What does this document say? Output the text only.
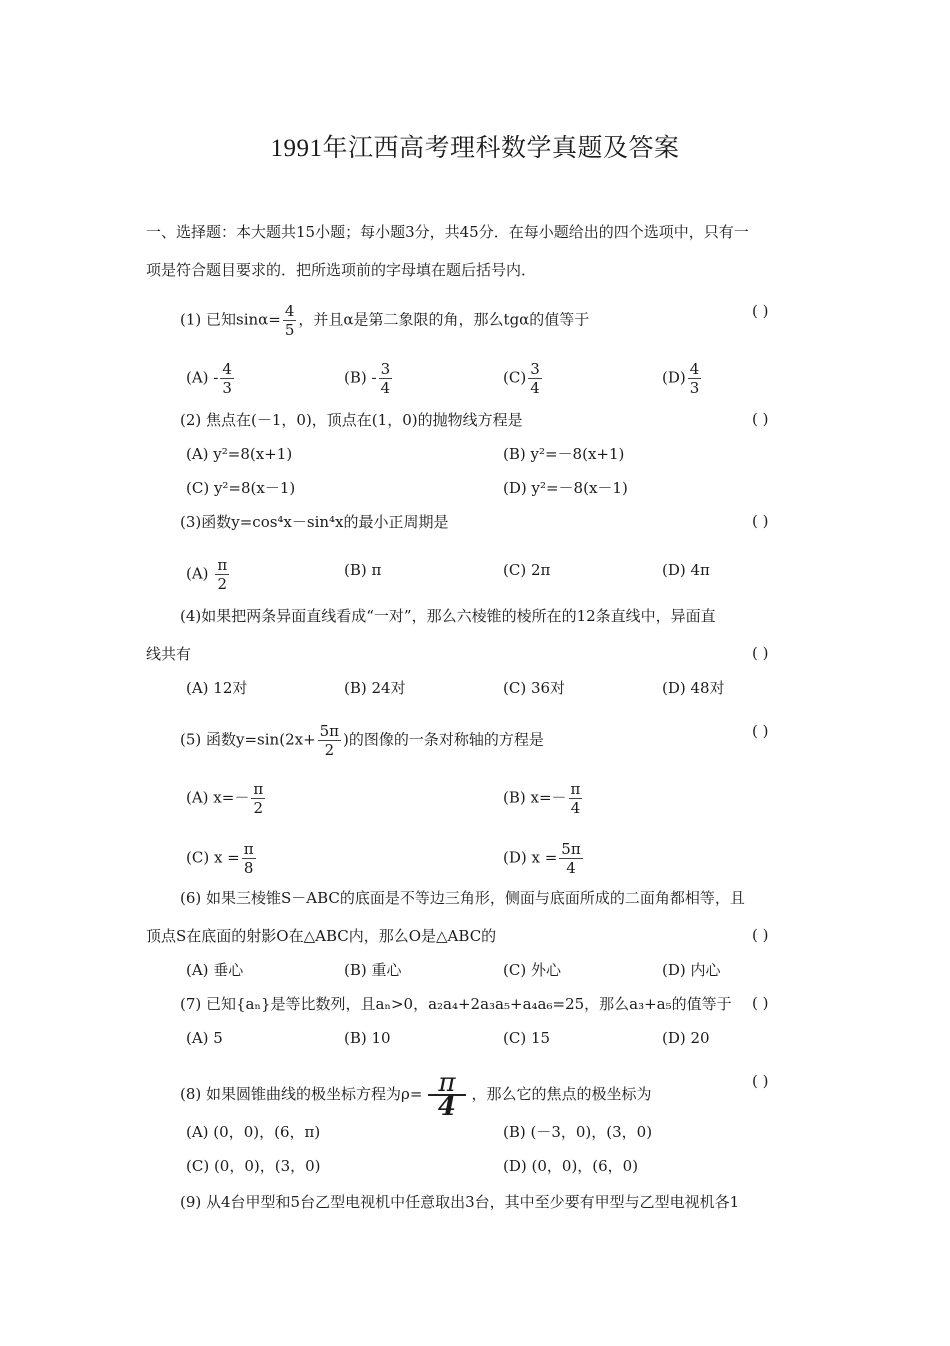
1991年江西高考理科数学真题及答案
一、选择题：本大题共15小题；每小题3分，共45分．在每小题给出的四个选项中，只有一
项是符合题目要求的．把所选项前的字母填在题后括号内．
(1) 已知$\sin\alpha= \frac{4}{5}$ ，并且α是第二象限的角，那么tgα的值等于	( )
$(A) - \frac{4}{3}$	$(B) - \frac{3}{4}$	$(C) \frac{3}{4}$	$(D) \frac{4}{3}$
(2) 焦点在(－1，0)，顶点在(1，0)的抛物线方程是	( )
(A) y²=8(x+1)	(B) y²=－8(x+1)
(C) y²=8(x－1)	(D) y²=－8(x－1)
(3)函数y=cos⁴x－sin⁴x的最小正周期是	( )
$(A) \frac{\pi}{2}$	(B) π	(C) 2π	(D) 4π
(4)如果把两条异面直线看成“一对”，那么六棱锥的棱所在的12条直线中，异面直
线共有	( )
(A) 12对	(B) 24对	(C) 36对	(D) 48对
(5) 函数$y=\sin(2x+ \frac{5\pi}{2}$ )的图像的一条对称轴的方程是	( )
(A) $x=- \frac{\pi}{2}$	(B) $x=- \frac{\pi}{4}$
(C) $x = \frac{\pi}{8}$	(D) $x = \frac{5\pi}{4}$
(6) 如果三棱锥S－ABC的底面是不等边三角形，侧面与底面所成的二面角都相等，且
顶点S在底面的射影O在△ABC内，那么O是△ABC的	( )
(A) 垂心	(B) 重心	(C) 外心	(D) 内心
(7) 已知{aₙ}是等比数列，且aₙ>0，a₂a₄+2a₃a₅+a₄a₆=25，那么a₃+a₅的值等于 ( )
(A) 5	(B) 10	(C) 15	(D) 20
(8) 如果圆锥曲线的极坐标方程为$\rho= \frac{\pi}{4}$ ，那么它的焦点的极坐标为
( )
(A) (0，0)，(6，π)	(B) (－3，0)，(3，0)
(C) (0，0)，(3，0)	(D) (0，0)，(6，0)
(9) 从4台甲型和5台乙型电视机中任意取出3台，其中至少要有甲型与乙型电视机各1
